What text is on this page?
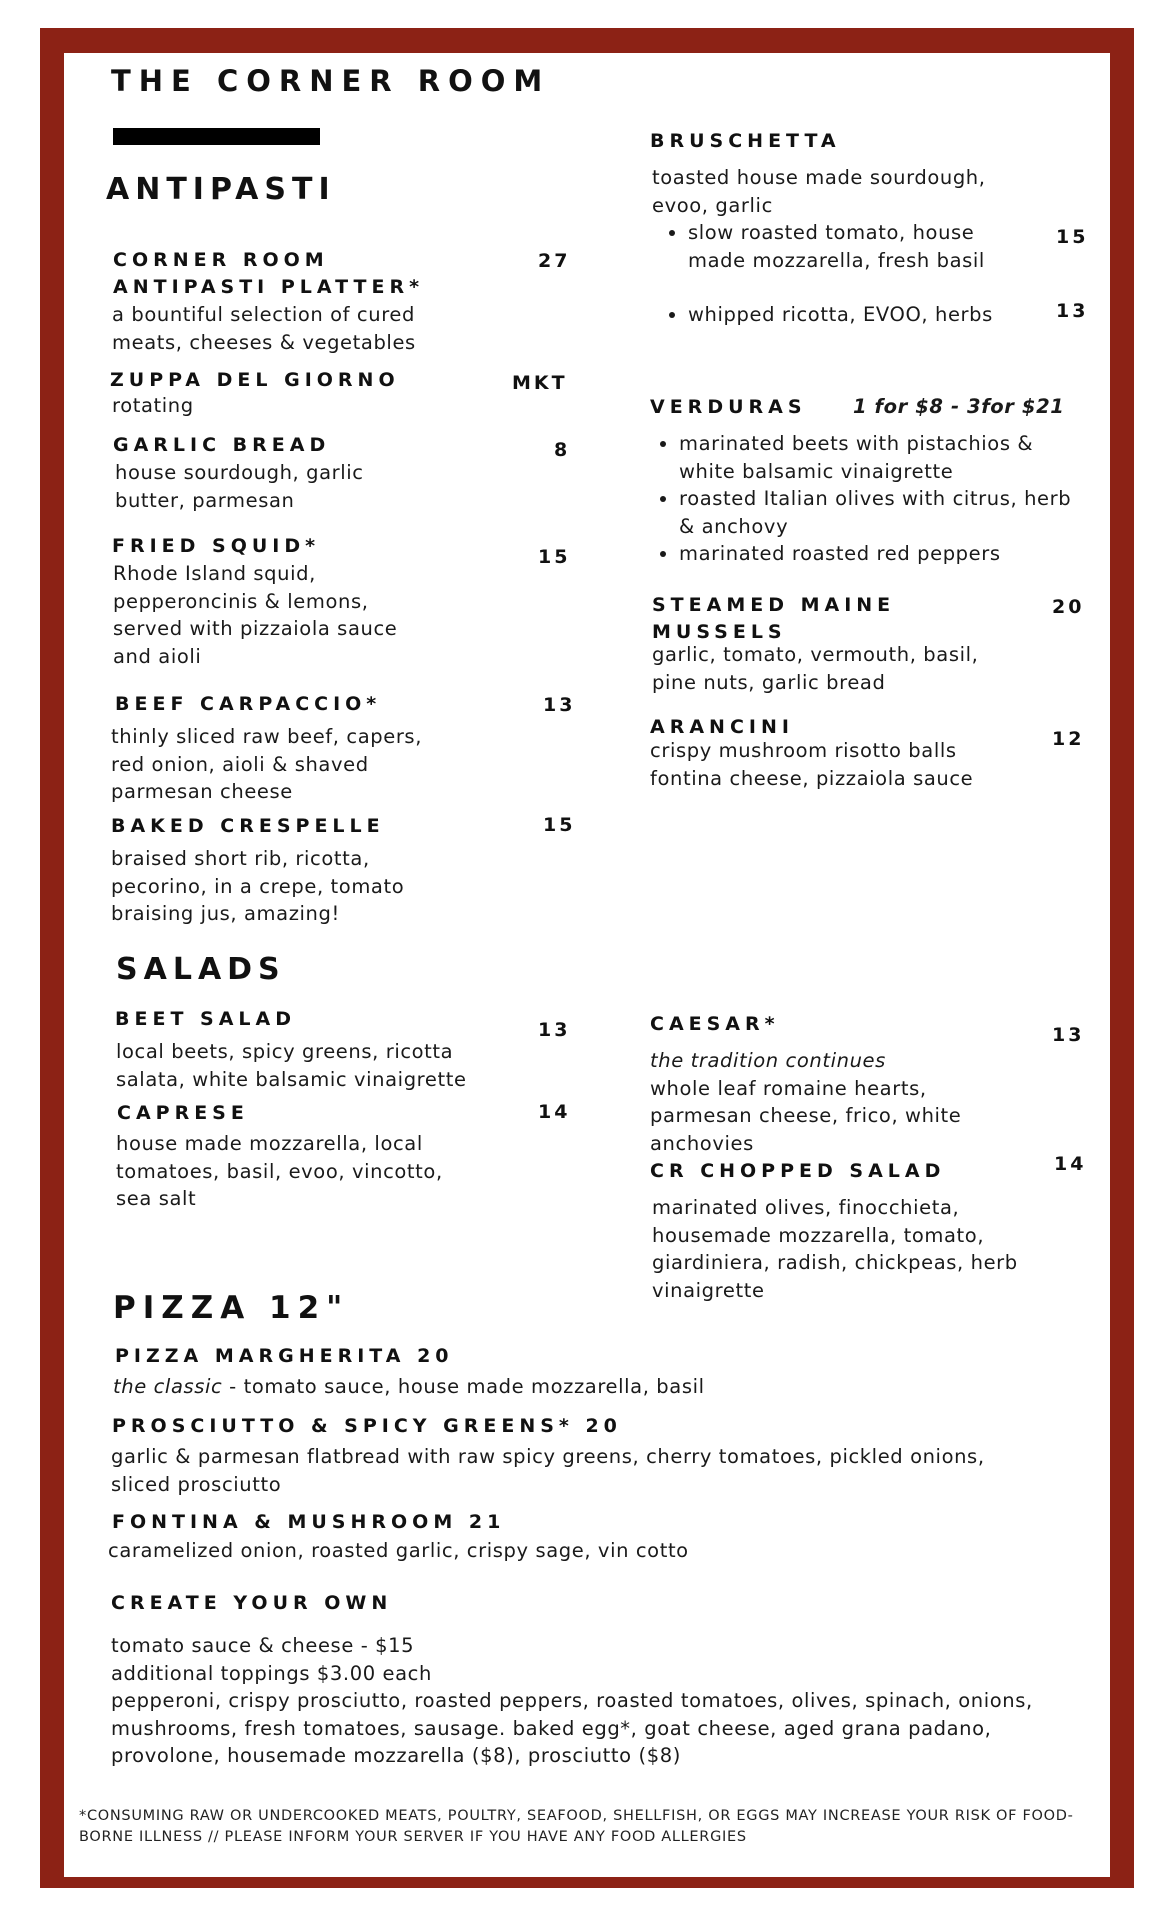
THE CORNER ROOM
ANTIPASTI
CORNER ROOM ANTIPASTI PLATTER*
27
a bountiful selection of cured meats, cheeses & vegetables
ZUPPA DEL GIORNO	MKT
rotating
GARLIC BREAD	8
house sourdough, garlic butter, parmesan
FRIED SQUID*	15
Rhode Island squid, pepperoncinis & lemons, served with pizzaiola sauce and aioli
BEEF CARPACCIO*	13
thinly sliced raw beef, capers, red onion, aioli & shaved parmesan cheese
BAKED CRESPELLE	15
braised short rib, ricotta, pecorino, in a crepe, tomato braising jus, amazing!
BRUSCHETTA
toasted house made sourdough, evoo, garlic
• slow roasted tomato, house made mozzarella, fresh basil
15
• whipped ricotta, EVOO, herbs	13
VERDURAS 1 for $8 - 3for $21
• marinated beets with pistachios & white balsamic vinaigrette
• roasted Italian olives with citrus, herb & anchovy
• marinated roasted red peppers
STEAMED MAINE MUSSELS
20
garlic, tomato, vermouth, basil, pine nuts, garlic bread
ARANCINI
12
crispy mushroom risotto balls fontina cheese, pizzaiola sauce
SALADS
BEET SALAD	13
local beets, spicy greens, ricotta salata, white balsamic vinaigrette
CAPRESE	14
house made mozzarella, local tomatoes, basil, evoo, vincotto, sea salt
CAESAR*	13
the tradition continues
whole leaf romaine hearts, parmesan cheese, frico, white anchovies
CR CHOPPED SALAD	14
marinated olives, finocchieta, housemade mozzarella, tomato, giardiniera, radish, chickpeas, herb vinaigrette
PIZZA 12"
PIZZA MARGHERITA 20
the classic - tomato sauce, house made mozzarella, basil
PROSCIUTTO & SPICY GREENS* 20
garlic & parmesan flatbread with raw spicy greens, cherry tomatoes, pickled onions, sliced prosciutto
FONTINA & MUSHROOM 21
caramelized onion, roasted garlic, crispy sage, vin cotto
CREATE YOUR OWN
tomato sauce & cheese - $15
additional toppings $3.00 each
pepperoni, crispy prosciutto, roasted peppers, roasted tomatoes, olives, spinach, onions, mushrooms, fresh tomatoes, sausage. baked egg*, goat cheese, aged grana padano, provolone, housemade mozzarella ($8), prosciutto ($8)
*CONSUMING RAW OR UNDERCOOKED MEATS, POULTRY, SEAFOOD, SHELLFISH, OR EGGS MAY INCREASE YOUR RISK OF FOOD-BORNE ILLNESS // PLEASE INFORM YOUR SERVER IF YOU HAVE ANY FOOD ALLERGIES
